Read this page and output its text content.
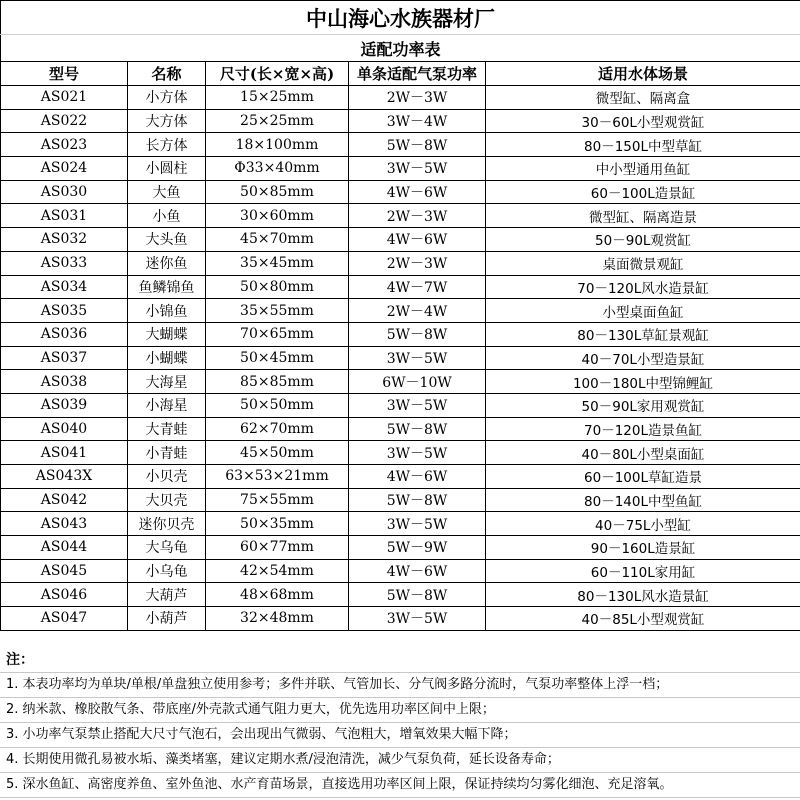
中山海心水族器材厂				
适配功率表				
型号	名称	尺寸(长×宽×高)	单条适配气泵功率	适用水体场景
AS021	小方体	15×25mm	2W－3W	微型缸、隔离盒
AS022	大方体	25×25mm	3W－4W	30－60L小型观赏缸
AS023	长方体	18×100mm	5W－8W	80－150L中型草缸
AS024	小圆柱	Φ33×40mm	3W－5W	中小型通用鱼缸
AS030	大鱼	50×85mm	4W－6W	60－100L造景缸
AS031	小鱼	30×60mm	2W－3W	微型缸、隔离造景
AS032	大头鱼	45×70mm	4W－6W	50－90L观赏缸
AS033	迷你鱼	35×45mm	2W－3W	桌面微景观缸
AS034	鱼鳞锦鱼	50×80mm	4W－7W	70－120L风水造景缸
AS035	小锦鱼	35×55mm	2W－4W	小型桌面鱼缸
AS036	大蝴蝶	70×65mm	5W－8W	80－130L草缸景观缸
AS037	小蝴蝶	50×45mm	3W－5W	40－70L小型造景缸
AS038	大海星	85×85mm	6W－10W	100－180L中型锦鲤缸
AS039	小海星	50×50mm	3W－5W	50－90L家用观赏缸
AS040	大青蛙	62×70mm	5W－8W	70－120L造景鱼缸
AS041	小青蛙	45×50mm	3W－5W	40－80L小型桌面缸
AS043X	小贝壳	63×53×21mm	4W－6W	60－100L草缸造景
AS042	大贝壳	75×55mm	5W－8W	80－140L中型鱼缸
AS043	迷你贝壳	50×35mm	3W－5W	40－75L小型缸
AS044	大乌龟	60×77mm	5W－9W	90－160L造景缸
AS045	小乌龟	42×54mm	4W－6W	60－110L家用缸
AS046	大葫芦	48×68mm	5W－8W	80－130L风水造景缸
AS047	小葫芦	32×48mm	3W－5W	40－85L小型观赏缸
注：
1. 本表功率均为单块/单根/单盘独立使用参考；多件并联、气管加长、分气阀多路分流时，气泵功率整体上浮一档；
2. 纳米款、橡胶散气条、带底座/外壳款式通气阻力更大，优先选用功率区间中上限；
3. 小功率气泵禁止搭配大尺寸气泡石，会出现出气微弱、气泡粗大，增氧效果大幅下降；
4. 长期使用微孔易被水垢、藻类堵塞，建议定期水煮/浸泡清洗，减少气泵负荷，延长设备寿命；
5. 深水鱼缸、高密度养鱼、室外鱼池、水产育苗场景，直接选用功率区间上限，保证持续均匀雾化细泡、充足溶氧。
